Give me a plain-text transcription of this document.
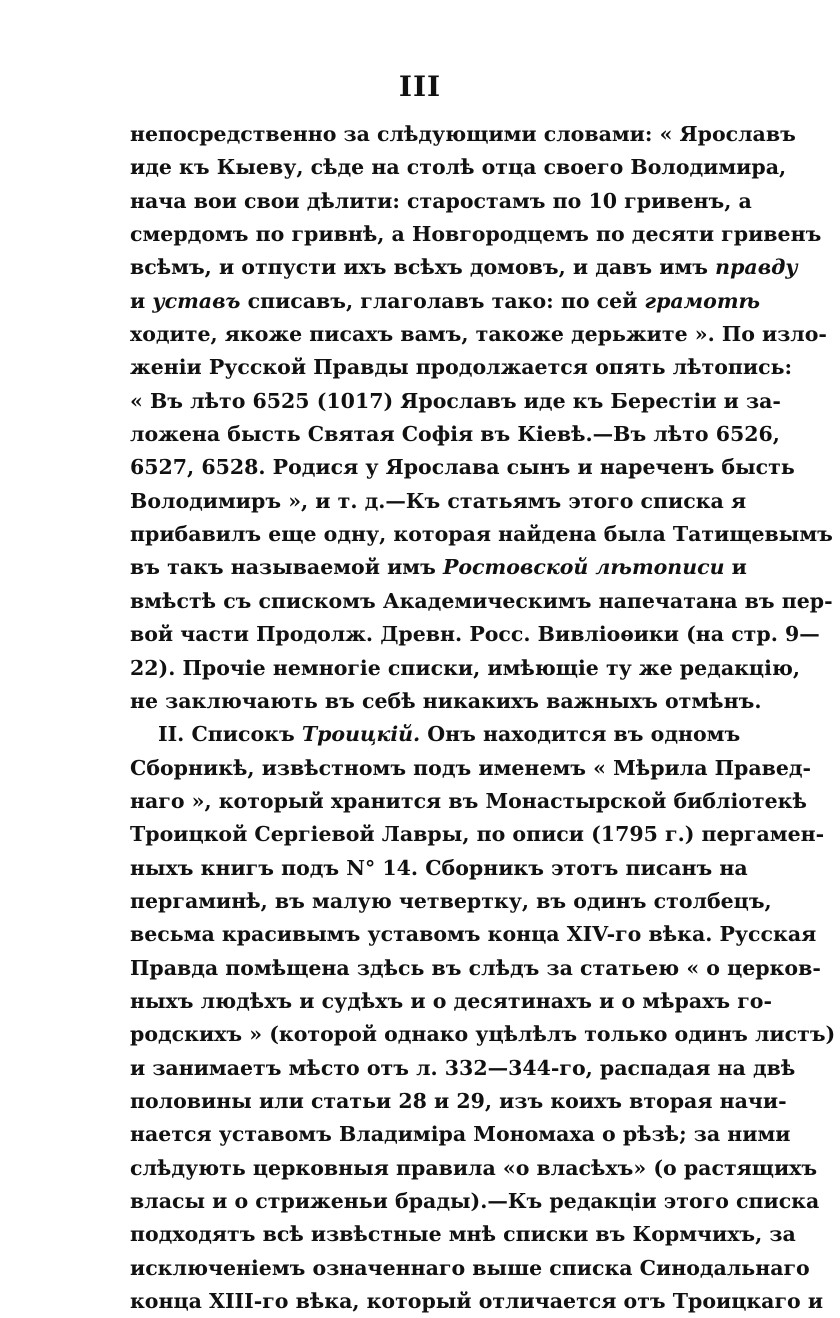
III
непосредственно за слѣдующими словами: « Ярославъ
иде къ Кыеву, сѣде на столѣ отца своего Володимира,
нача вои свои дѣлити: старостамъ по 10 гривенъ, а
смердомъ по гривнѣ, а Новгородцемъ по десяти гривенъ
всѣмъ, и отпусти ихъ всѣхъ домовъ, и давъ имъ правду
и уставъ списавъ, глаголавъ тако: по сей грамотѣ
ходите, якоже писахъ вамъ, такоже дерьжите ». По изло-
женіи Русской Правды продолжается опять лѣтопись:
« Въ лѣто 6525 (1017) Ярославъ иде къ Берестіи и за-
ложена бысть Святая Софія въ Кіевѣ.—Въ лѣто 6526,
6527, 6528. Родися у Ярослава сынъ и нареченъ бысть
Володимиръ », и т. д.—Къ статьямъ этого списка я
прибавилъ еще одну, которая найдена была Татищевымъ
въ такъ называемой имъ Ростовской лѣтописи и
вмѣстѣ съ спискомъ Академическимъ напечатана въ пер-
вой части Продолж. Древн. Росс. Вивліоѳики (на стр. 9—
22). Прочіе немногіе списки, имѣющіе ту же редакцію,
не заключають въ себѣ никакихъ важныхъ отмѣнъ.
II. Списокъ Троицкій. Онъ находится въ одномъ
Сборникѣ, извѣстномъ подъ именемъ « Мѣрила Правед-
наго », который хранится въ Монастырской библіотекѣ
Троицкой Сергіевой Лавры, по описи (1795 г.) пергамен-
ныхъ книгъ подъ N° 14. Сборникъ этотъ писанъ на
пергаминѣ, въ малую четвертку, въ одинъ столбецъ,
весьма красивымъ уставомъ конца XIV-го вѣка. Русская
Правда помѣщена здѣсь въ слѣдъ за статьею « о церков-
ныхъ людѣхъ и судѣхъ и о десятинахъ и о мѣрахъ го-
родскихъ » (которой однако уцѣлѣлъ только одинъ листъ)
и занимаетъ мѣсто отъ л. 332—344-го, распадая на двѣ
половины или статьи 28 и 29, изъ коихъ вторая начи-
нается уставомъ Владиміра Мономаха о рѣзѣ; за ними
слѣдують церковныя правила «о власѣхъ» (о растящихъ
власы и о стриженьи брады).—Къ редакціи этого списка
подходятъ всѣ извѣстные мнѣ списки въ Кормчихъ, за
исключеніемъ означеннаго выше списка Синодальнаго
конца XIII-го вѣка, который отличается отъ Троицкаго и
